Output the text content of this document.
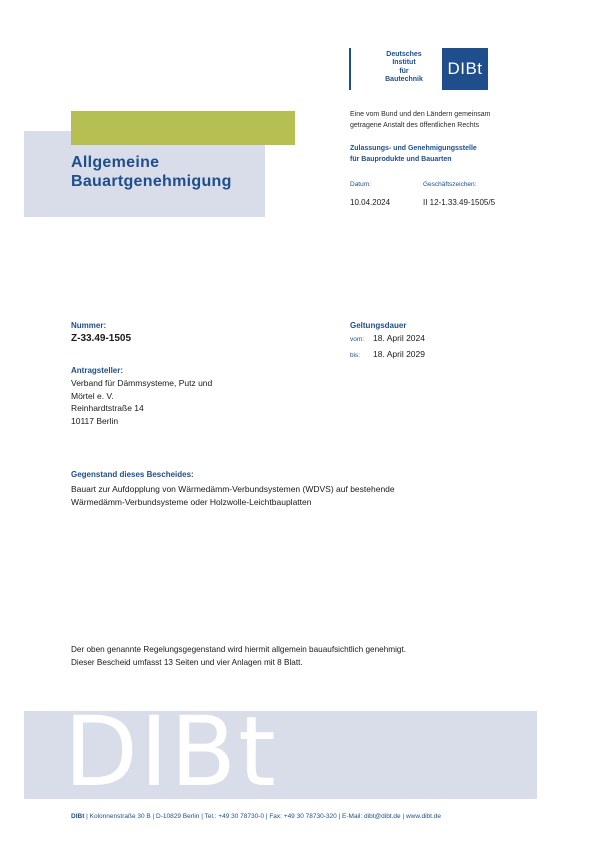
Deutsches
Institut
für
Bautechnik
DIBt
Eine vom Bund und den Ländern gemeinsam
getragene Anstalt des öffentlichen Rechts
Zulassungs- und Genehmigungsstelle
für Bauprodukte und Bauarten
Datum:
10.04.2024
Geschäftszeichen:
II 12-1.33.49-1505/5
Allgemeine
Bauartgenehmigung
Nummer:
Z-33.49-1505
Geltungsdauer
vom:	18. April 2024
bis:	18. April 2029
Antragsteller:
Verband für Dämmsysteme, Putz und
Mörtel e. V.
Reinhardtstraße 14
10117 Berlin
Gegenstand dieses Bescheides:
Bauart zur Aufdopplung von Wärmedämm-Verbundsystemen (WDVS) auf bestehende
Wärmedämm-Verbundsysteme oder Holzwolle-Leichtbauplatten
Der oben genannte Regelungsgegenstand wird hiermit allgemein bauaufsichtlich genehmigt.
Dieser Bescheid umfasst 13 Seiten und vier Anlagen mit 8 Blatt.
DIBt
DIBt | Kolonnenstraße 30 B | D-10829 Berlin | Tel.: +49 30 78730-0 | Fax: +49 30 78730-320 | E-Mail: dibt@dibt.de | www.dibt.de
